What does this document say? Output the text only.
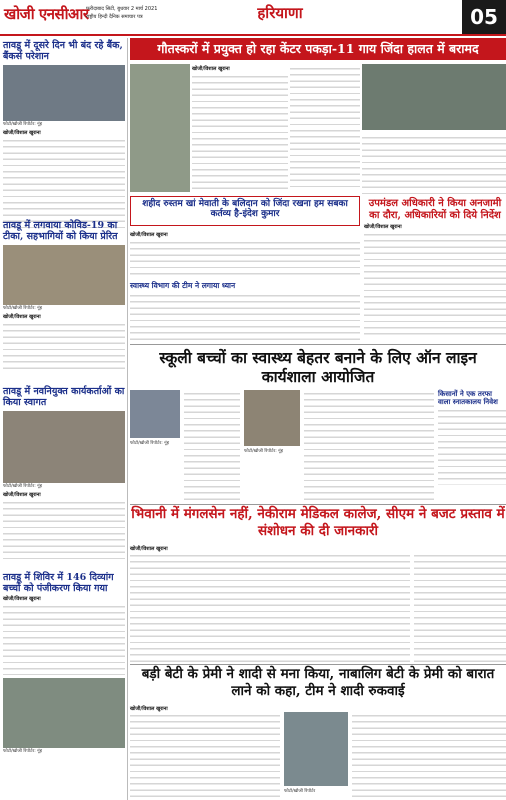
खोजी एनसीआर
फरीदाबाद सिटी, बुधवार 2 मार्च 2021
राष्ट्रीय हिन्दी दैनिक समाचार पत्र	हरियाणा	05
तावडू में दूसरे दिन भी बंद रहे बैंक, बैंकर्स परेशान
फोटो/खोजी रिपोर्टर: नूंह
खोजी/विशाल खुराना
तावडू में लगवाया कोविड-19 का टीका, सहभागियों को किया प्रेरित
फोटो/खोजी रिपोर्टर: नूंह
खोजी/विशाल खुराना
तावडू में नवनियुक्त कार्यकर्ताओं का किया स्वागत
फोटो/खोजी रिपोर्टर: नूंह
खोजी/विशाल खुराना
तावडू में शिविर में 146 दिव्यांग बच्चों को पंजीकरण किया गया
खोजी/विशाल खुराना
फोटो/खोजी रिपोर्टर: नूंह
गौतस्करों में प्रयुक्त हो रहा केंटर पकड़ा-11 गाय जिंदा हालत में बरामद
खोजी/विशाल खुराना
शहीद रुस्तम खां मेवाती के बलिदान को जिंदा रखना हम सबका कर्तव्य है-इंदेश कुमार
खोजी/विशाल खुराना
स्वास्थ्य विभाग की टीम ने लगाया ध्यान
उपमंडल अधिकारी ने किया अनजामी का दौरा, अधिकारियों को दिये निर्देश
खोजी/विशाल खुराना
स्कूली बच्चों का स्वास्थ्य बेहतर बनाने के लिए ऑन लाइन कार्यशाला आयोजित
फोटो/खोजी रिपोर्टर: नूंह
फोटो/खोजी रिपोर्टर: नूंह
किसानों ने एक तरफा वाला स्नातकालय निवेश
भिवानी में मंगलसेन नहीं, नेकीराम मेडिकल कालेज, सीएम ने बजट प्रस्ताव में संशोधन की दी जानकारी
खोजी/विशाल खुराना
बड़ी बेटी के प्रेमी ने शादी से मना किया, नाबालिग बेटी के प्रेमी को बारात लाने को कहा, टीम ने शादी रुकवाई
खोजी/विशाल खुराना
फोटो/खोजी रिपोर्टर
